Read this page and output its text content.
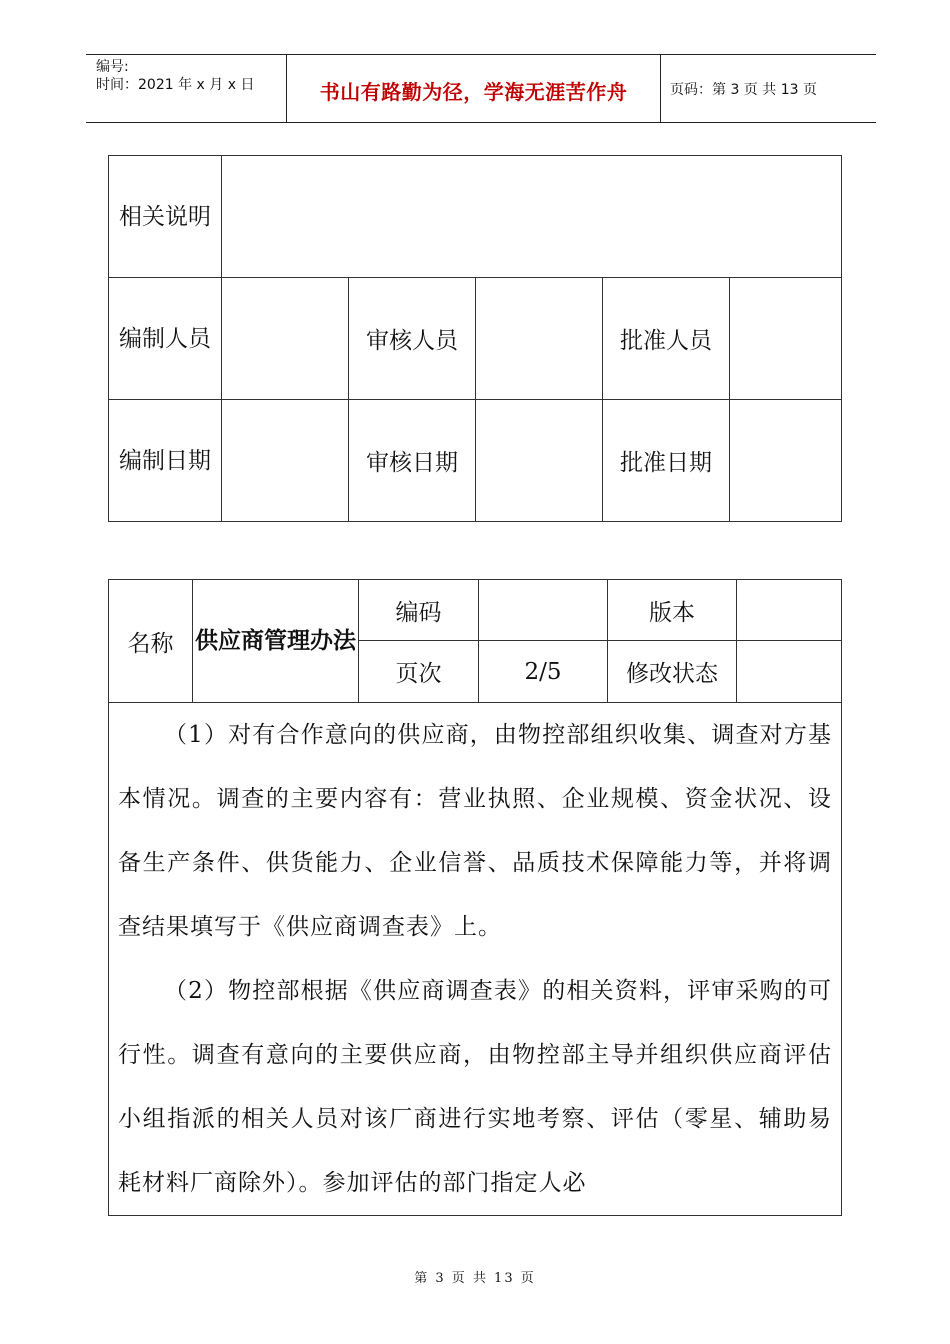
编号:
时间：2021 年 x 月 x 日	书山有路勤为径，学海无涯苦作舟	页码：第 3 页 共 13 页
相关说明					
编制人员		审核人员		批准人员	
编制日期		审核日期		批准日期	
名称	供应商管理办法	编码		版本	
		页次	2/5	修改状态	

（1）对有合作意向的供应商，由物控部组织收集、调查对方基本情况。调查的主要内容有：营业执照、企业规模、资金状况、设备生产条件、供货能力、企业信誉、品质技术保障能力等，并将调查结果填写于《供应商调查表》上。

（2）物控部根据《供应商调查表》的相关资料，评审采购的可行性。调查有意向的主要供应商，由物控部主导并组织供应商评估小组指派的相关人员对该厂商进行实地考察、评估（零星、辅助易耗材料厂商除外）。参加评估的部门指定人必					

第 3 页 共 13 页
